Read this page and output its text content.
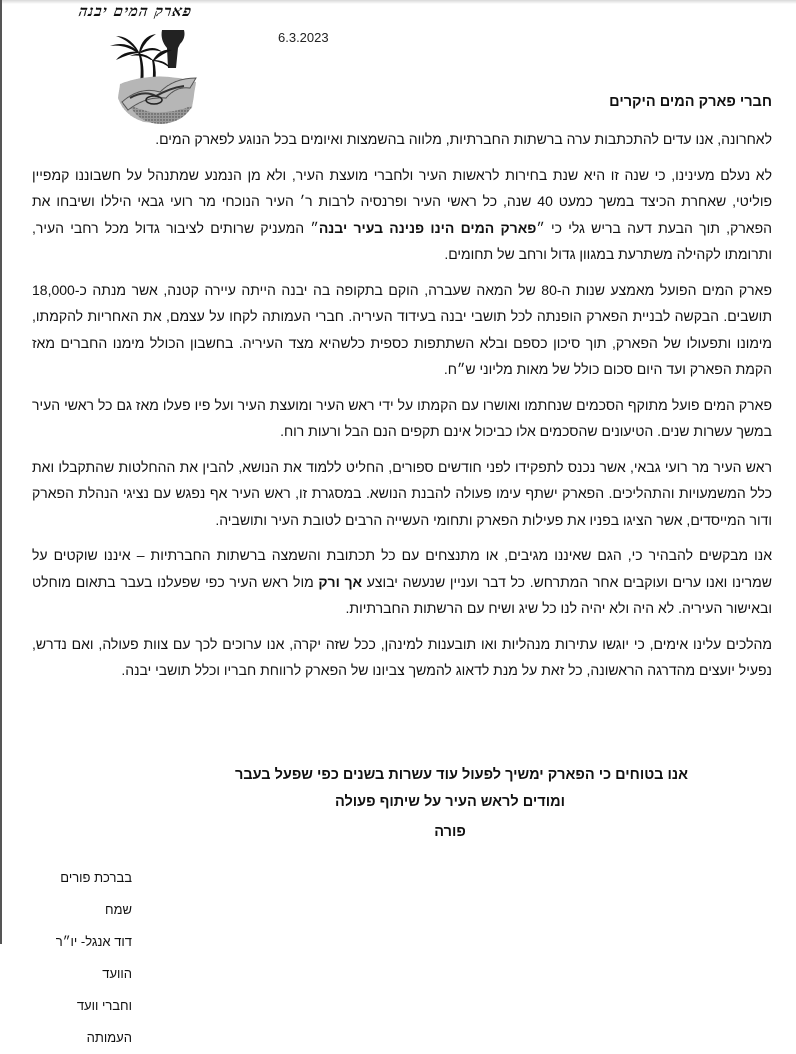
פארק המים יבנה
6.3.2023
חברי פארק המים היקרים

לאחרונה, אנו עדים להתכתבות ערה ברשתות החברתיות, מלווה בהשמצות ואיומים בכל הנוגע לפארק המים.

לא נעלם מעינינו, כי שנה זו היא שנת בחירות לראשות העיר ולחברי מועצת העיר, ולא מן הנמנע שמתנהל על חשבוננו קמפיין פוליטי, שאחרת הכיצד במשך כמעט 40 שנה, כל ראשי העיר ופרנסיה לרבות ר׳ העיר הנוכחי מר רועי גבאי היללו ושיבחו את הפארק, תוך הבעת דעה בריש גלי כי ״פארק המים הינו פנינה בעיר יבנה״ המעניק שרותים לציבור גדול מכל רחבי העיר, ותרומתו לקהילה משתרעת במגוון גדול ורחב של תחומים.

פארק המים הפועל מאמצע שנות ה-80 של המאה שעברה, הוקם בתקופה בה יבנה הייתה עיירה קטנה, אשר מנתה כ-18,000 תושבים. הבקשה לבניית הפארק הופנתה לכל תושבי יבנה בעידוד העיריה. חברי העמותה לקחו על עצמם, את האחריות להקמתו, מימונו ותפעולו של הפארק, תוך סיכון כספם ובלא השתתפות כספית כלשהיא מצד העיריה. בחשבון הכולל מימנו החברים מאז הקמת הפארק ועד היום סכום כולל של מאות מליוני ש״ח.

פארק המים פועל מתוקף הסכמים שנחתמו ואושרו עם הקמתו על ידי ראש העיר ומועצת העיר ועל פיו פעלו מאז גם כל ראשי העיר במשך עשרות שנים. הטיעונים שהסכמים אלו כביכול אינם תקפים הנם הבל ורעות רוח.

ראש העיר מר רועי גבאי, אשר נכנס לתפקידו לפני חודשים ספורים, החליט ללמוד את הנושא, להבין את ההחלטות שהתקבלו ואת כלל המשמעויות והתהליכים. הפארק ישתף עימו פעולה להבנת הנושא. במסגרת זו, ראש העיר אף נפגש עם נציגי הנהלת הפארק ודור המייסדים, אשר הציגו בפניו את פעילות הפארק ותחומי העשייה הרבים לטובת העיר ותושביה.

אנו מבקשים להבהיר כי, הגם שאיננו מגיבים, או מתנצחים עם כל תכתובת והשמצה ברשתות החברתיות – איננו שוקטים על שמרינו ואנו ערים ועוקבים אחר המתרחש. כל דבר ועניין שנעשה יבוצע אך ורק מול ראש העיר כפי שפעלנו בעבר בתאום מוחלט ובאישור העיריה. לא היה ולא יהיה לנו כל שיג ושיח עם הרשתות החברתיות.

מהלכים עלינו אימים, כי יוגשו עתירות מנהליות ואו תובענות למינהן, ככל שזה יקרה, אנו ערוכים לכך עם צוות פעולה, ואם נדרש, נפעיל יועצים מהדרגה הראשונה, כל זאת על מנת לדאוג להמשך צביונו של הפארק לרווחת חבריו וכלל תושבי יבנה.

אנו בטוחים כי הפארק ימשיך לפעול עוד עשרות בשנים כפי שפעל בעבר
ומודים לראש העיר על שיתוף פעולה פורה
בברכת פורים שמח
דוד אנגל- יו״ר הוועד
וחברי וועד העמותה
